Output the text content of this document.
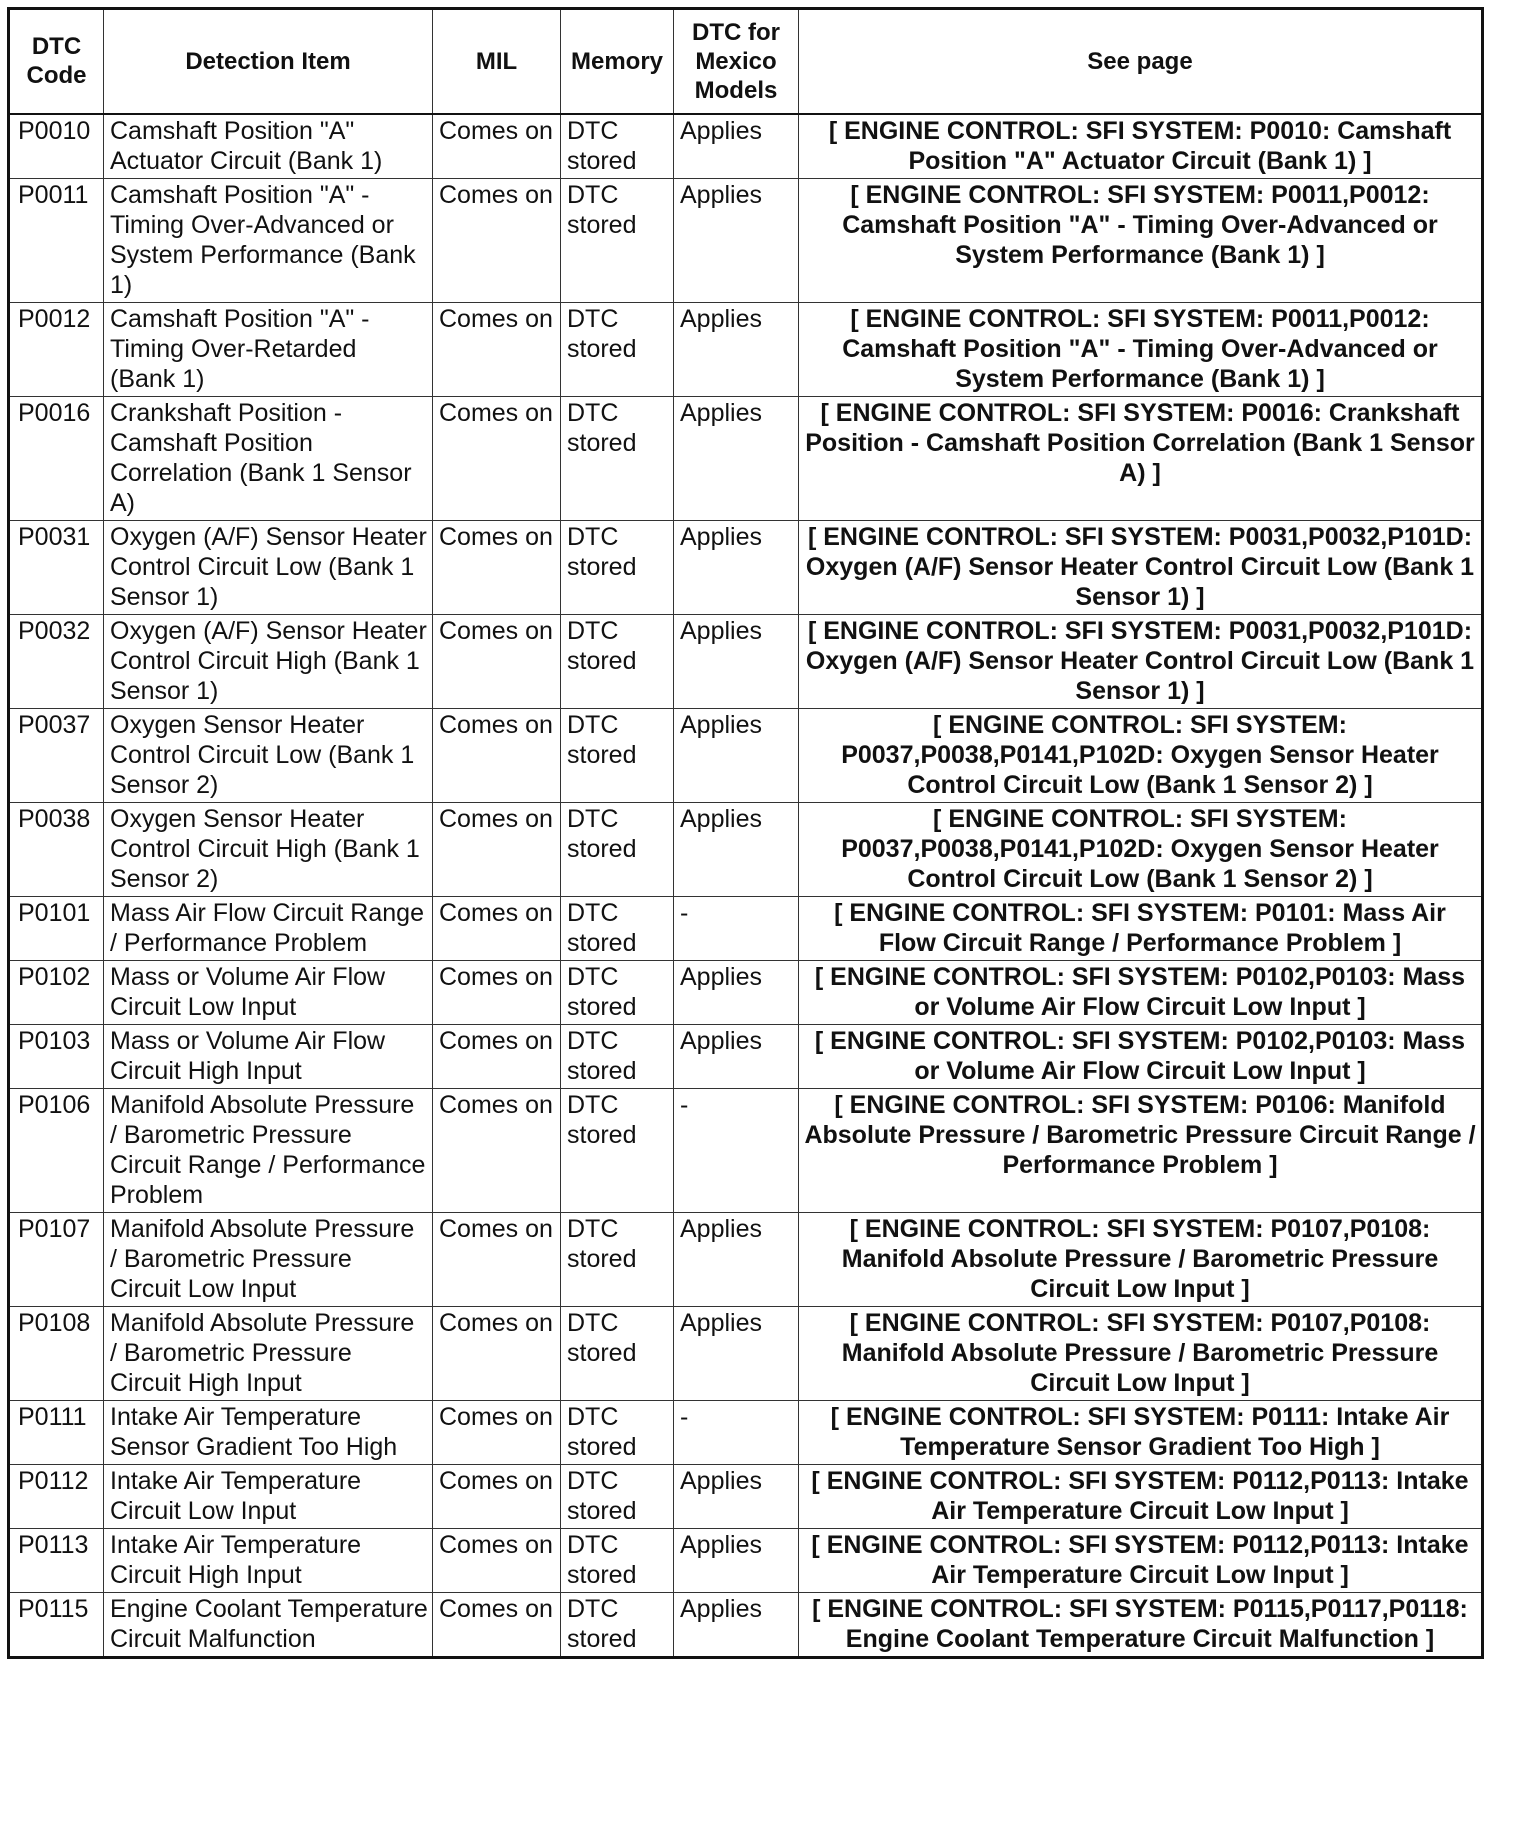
DTC Code	Detection Item	MIL	Memory	DTC for Mexico Models	See page
P0010	Camshaft Position "A" Actuator Circuit (Bank 1)	Comes on	DTC stored	Applies	[ ENGINE CONTROL: SFI SYSTEM: P0010: Camshaft Position "A" Actuator Circuit (Bank 1) ]
P0011	Camshaft Position "A" - Timing Over-Advanced or System Performance (Bank 1)	Comes on	DTC stored	Applies	[ ENGINE CONTROL: SFI SYSTEM: P0011,P0012: Camshaft Position "A" - Timing Over-Advanced or System Performance (Bank 1) ]
P0012	Camshaft Position "A" - Timing Over-Retarded (Bank 1)	Comes on	DTC stored	Applies	[ ENGINE CONTROL: SFI SYSTEM: P0011,P0012: Camshaft Position "A" - Timing Over-Advanced or System Performance (Bank 1) ]
P0016	Crankshaft Position - Camshaft Position Correlation (Bank 1 Sensor A)	Comes on	DTC stored	Applies	[ ENGINE CONTROL: SFI SYSTEM: P0016: Crankshaft Position - Camshaft Position Correlation (Bank 1 Sensor A) ]
P0031	Oxygen (A/F) Sensor Heater Control Circuit Low (Bank 1 Sensor 1)	Comes on	DTC stored	Applies	[ ENGINE CONTROL: SFI SYSTEM: P0031,P0032,P101D: Oxygen (A/F) Sensor Heater Control Circuit Low (Bank 1 Sensor 1) ]
P0032	Oxygen (A/F) Sensor Heater Control Circuit High (Bank 1 Sensor 1)	Comes on	DTC stored	Applies	[ ENGINE CONTROL: SFI SYSTEM: P0031,P0032,P101D: Oxygen (A/F) Sensor Heater Control Circuit Low (Bank 1 Sensor 1) ]
P0037	Oxygen Sensor Heater Control Circuit Low (Bank 1 Sensor 2)	Comes on	DTC stored	Applies	[ ENGINE CONTROL: SFI SYSTEM: P0037,P0038,P0141,P102D: Oxygen Sensor Heater Control Circuit Low (Bank 1 Sensor 2) ]
P0038	Oxygen Sensor Heater Control Circuit High (Bank 1 Sensor 2)	Comes on	DTC stored	Applies	[ ENGINE CONTROL: SFI SYSTEM: P0037,P0038,P0141,P102D: Oxygen Sensor Heater Control Circuit Low (Bank 1 Sensor 2) ]
P0101	Mass Air Flow Circuit Range / Performance Problem	Comes on	DTC stored	-	[ ENGINE CONTROL: SFI SYSTEM: P0101: Mass Air Flow Circuit Range / Performance Problem ]
P0102	Mass or Volume Air Flow Circuit Low Input	Comes on	DTC stored	Applies	[ ENGINE CONTROL: SFI SYSTEM: P0102,P0103: Mass or Volume Air Flow Circuit Low Input ]
P0103	Mass or Volume Air Flow Circuit High Input	Comes on	DTC stored	Applies	[ ENGINE CONTROL: SFI SYSTEM: P0102,P0103: Mass or Volume Air Flow Circuit Low Input ]
P0106	Manifold Absolute Pressure / Barometric Pressure Circuit Range / Performance Problem	Comes on	DTC stored	-	[ ENGINE CONTROL: SFI SYSTEM: P0106: Manifold Absolute Pressure / Barometric Pressure Circuit Range / Performance Problem ]
P0107	Manifold Absolute Pressure / Barometric Pressure Circuit Low Input	Comes on	DTC stored	Applies	[ ENGINE CONTROL: SFI SYSTEM: P0107,P0108: Manifold Absolute Pressure / Barometric Pressure Circuit Low Input ]
P0108	Manifold Absolute Pressure / Barometric Pressure Circuit High Input	Comes on	DTC stored	Applies	[ ENGINE CONTROL: SFI SYSTEM: P0107,P0108: Manifold Absolute Pressure / Barometric Pressure Circuit Low Input ]
P0111	Intake Air Temperature Sensor Gradient Too High	Comes on	DTC stored	-	[ ENGINE CONTROL: SFI SYSTEM: P0111: Intake Air Temperature Sensor Gradient Too High ]
P0112	Intake Air Temperature Circuit Low Input	Comes on	DTC stored	Applies	[ ENGINE CONTROL: SFI SYSTEM: P0112,P0113: Intake Air Temperature Circuit Low Input ]
P0113	Intake Air Temperature Circuit High Input	Comes on	DTC stored	Applies	[ ENGINE CONTROL: SFI SYSTEM: P0112,P0113: Intake Air Temperature Circuit Low Input ]
P0115	Engine Coolant Temperature Circuit Malfunction	Comes on	DTC stored	Applies	[ ENGINE CONTROL: SFI SYSTEM: P0115,P0117,P0118: Engine Coolant Temperature Circuit Malfunction ]
